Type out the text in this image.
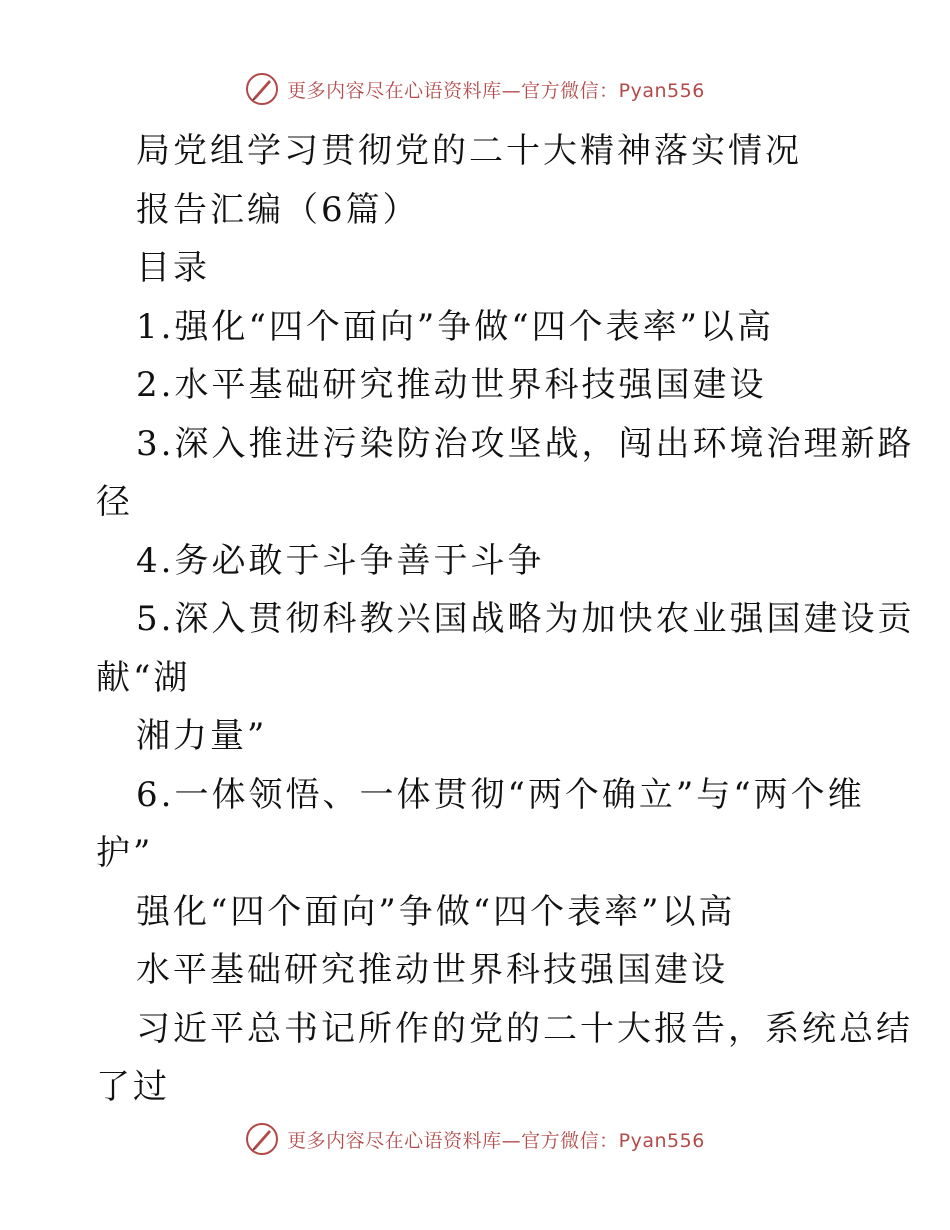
更多内容尽在心语资料库—官方微信：Pyan556

局党组学习贯彻党的二十大精神落实情况

报告汇编（6篇）

目录

1.强化“四个面向”争做“四个表率”以高

2.水平基础研究推动世界科技强国建设

3.深入推进污染防治攻坚战，闯出环境治理新路

径

4.务必敢于斗争善于斗争

5.深入贯彻科教兴国战略为加快农业强国建设贡

献“湖

湘力量”

6.一体领悟、一体贯彻“两个确立”与“两个维

护”

强化“四个面向”争做“四个表率”以高

水平基础研究推动世界科技强国建设

习近平总书记所作的党的二十大报告，系统总结

了过

更多内容尽在心语资料库—官方微信：Pyan556
